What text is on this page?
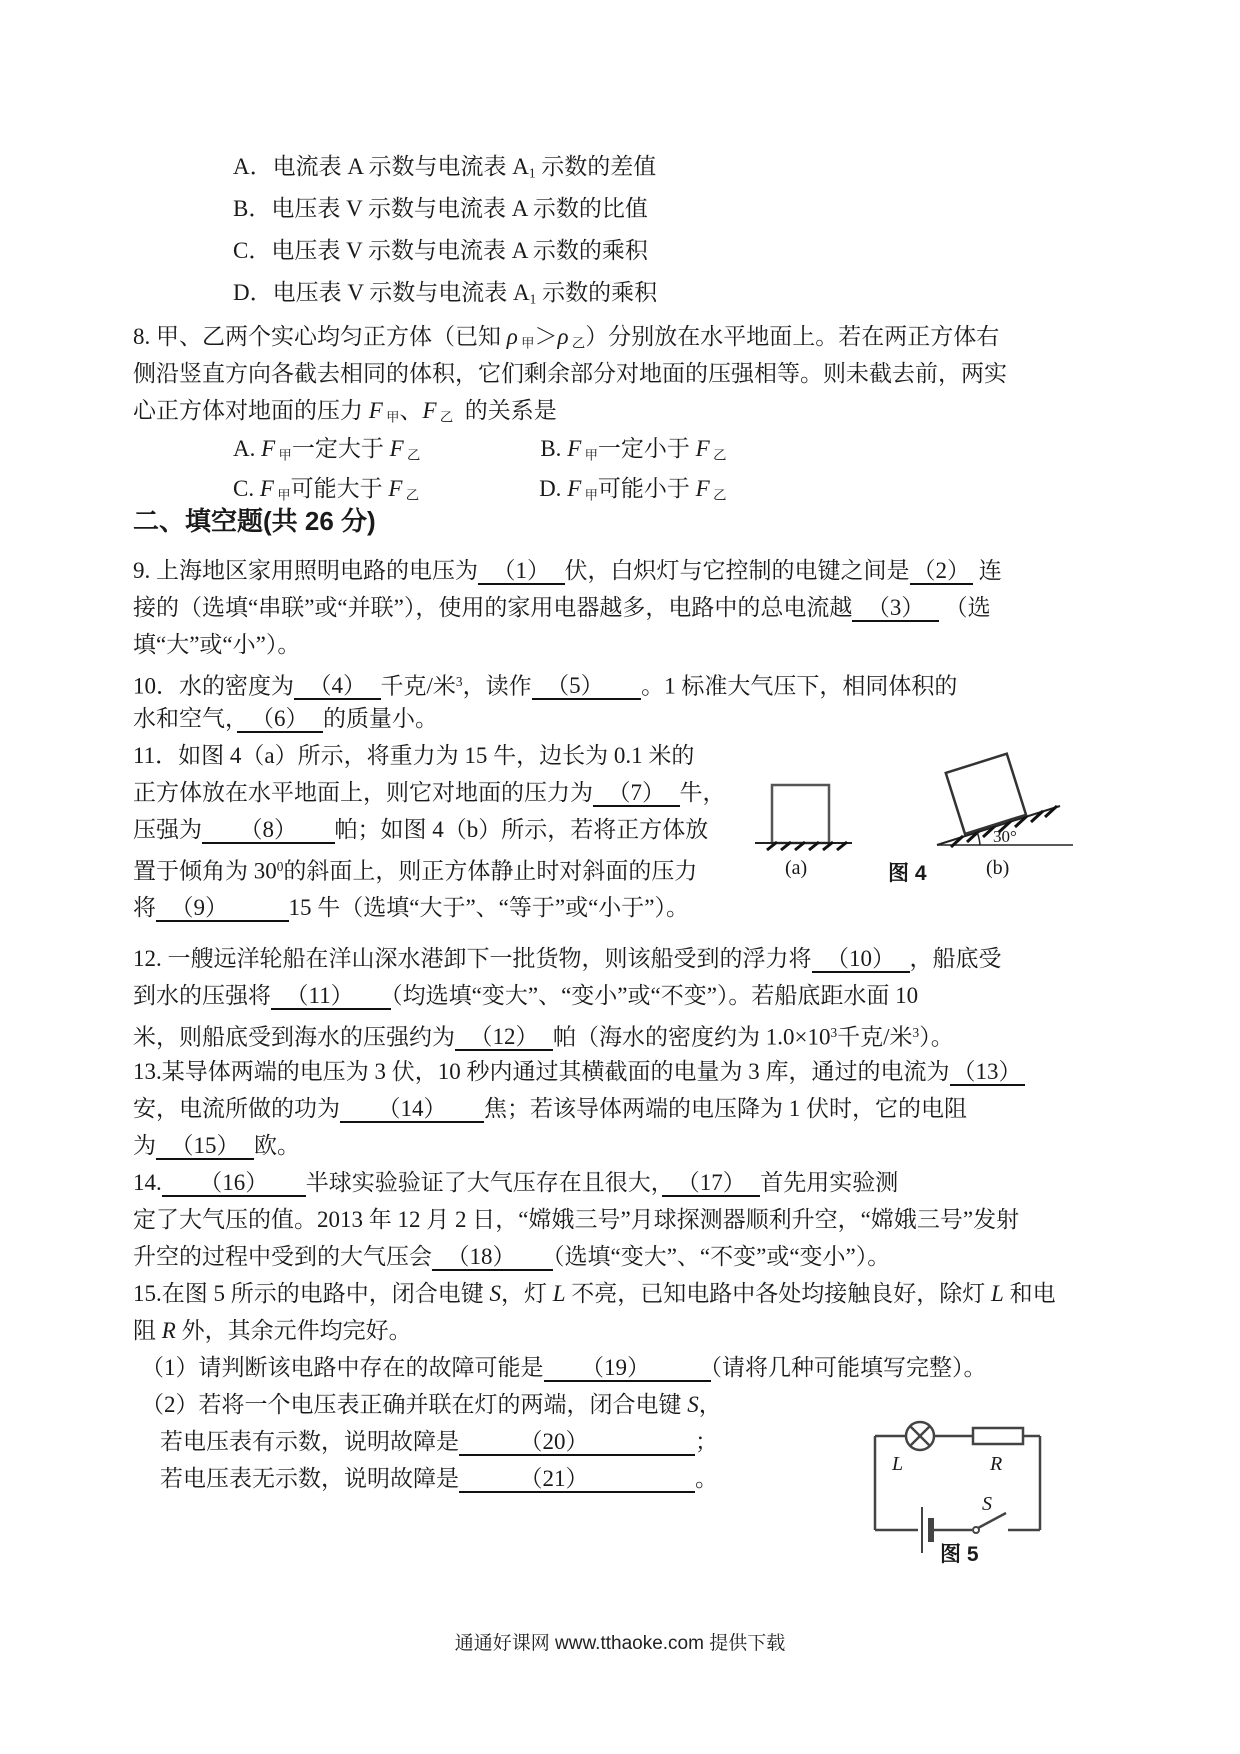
A．电流表 A 示数与电流表 A1 示数的差值
B．电压表 V 示数与电流表 A 示数的比值
C．电压表 V 示数与电流表 A 示数的乘积
D．电压表 V 示数与电流表 A1 示数的乘积
8. 甲、乙两个实心均匀正方体（已知 ρ 甲＞ρ 乙）分别放在水平地面上。若在两正方体右
侧沿竖直方向各截去相同的体积，它们剩余部分对地面的压强相等。则未截去前，两实
心正方体对地面的压力 F 甲、F 乙  的关系是
A. F 甲一定大于 F 乙	B. F 甲一定小于 F 乙
C. F 甲可能大于 F 乙	D. F 甲可能小于 F 乙
二、填空题(共 26 分)
9. 上海地区家用照明电路的电压为　（1）　伏，白炽灯与它控制的电键之间是 （2） 连
接的（选填“串联”或“并联”），使用的家用电器越多，电路中的总电流越　（3）　 （选
填“大”或“小”）。
10．水的密度为　（4）　千克/米$^3$，读作　（5）　　。1 标准大气压下，相同体积的
水和空气，　（6）　的质量小。
11．如图 4（a）所示，将重力为 15 牛，边长为 0.1 米的
正方体放在水平地面上，则它对地面的压力为　（7）　牛，
压强为　　（8）　　帕；如图 4（b）所示，若将正方体放
置于倾角为 $30^0$的斜面上，则正方体静止时对斜面的压力
将　（9）　　　15 牛（选填“大于”、“等于”或“小于”）。
(a)	图 4
30°
(b)
12. 一艘远洋轮船在洋山深水港卸下一批货物，则该船受到的浮力将　（10）　，船底受
到水的压强将　（11）　　（均选填“变大”、“变小”或“不变”）。若船底距水面 10
米，则船底受到海水的压强约为　（12）　帕（海水的密度约为 $1.0\times 10^3$千克/米$^3$）。
13.某导体两端的电压为 3 伏，10 秒内通过其横截面的电量为 3 库，通过的电流为 （13）
安，电流所做的功为　　（14）　　焦；若该导体两端的电压降为 1 伏时，它的电阻
为　（15）　欧。
14.　　（16）　　半球实验验证了大气压存在且很大，　（17）　首先用实验测
定了大气压的值。2013 年 12 月 2 日，“嫦娥三号”月球探测器顺利升空，“嫦娥三号”发射
升空的过程中受到的大气压会　（18）　　（选填“变大”、“不变”或“变小”）。
15.在图 5 所示的电路中，闭合电键 S，灯 L 不亮，已知电路中各处均接触良好，除灯 L 和电
阻 R 外，其余元件均完好。
（1）请判断该电路中存在的故障可能是　　（19）　　　（请将几种可能填写完整）。
（2）若将一个电压表正确并联在灯的两端，闭合电键 S，
若电压表有示数，说明故障是　　　（20）　　　　　；
若电压表无示数，说明故障是　　　（21）　　　　　。
L	R
S
图 5
通通好课网 www.tthaoke.com 提供下载
